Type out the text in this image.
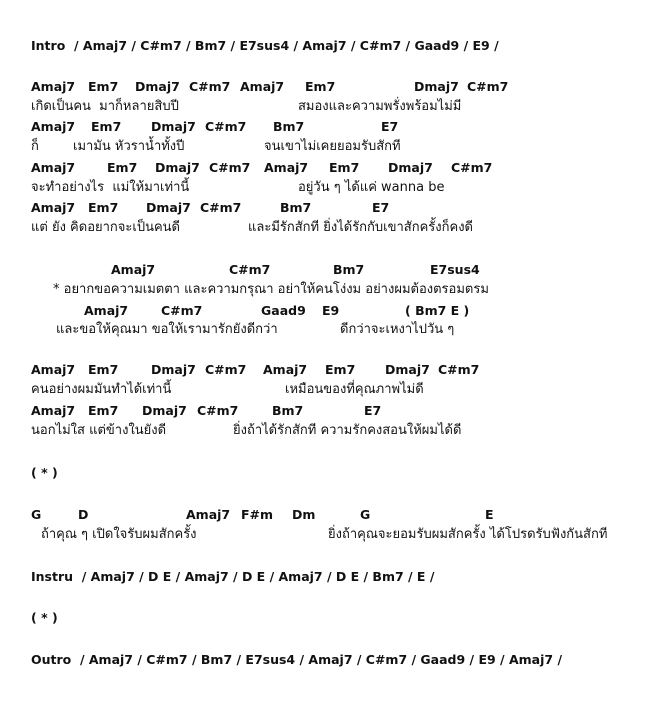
Intro  / Amaj7 / C#m7 / Bm7 / E7sus4 / Amaj7 / C#m7 / Gaad9 / E9 /

Amaj7

Em7

Dmaj7

C#m7

Amaj7

Em7

	Dmaj7

C#m7

เกิดเป็นคน  มาก็หลายสิบปี

	สมองและความพรั่งพร้อมไม่มี

Amaj7

Em7

Dmaj7

C#m7

Bm7

	E7

ก็

	เมามัน หัวราน้ำทั้งปี

	จนเขาไม่เคยยอมรับสักที

Amaj7

	Em7

Dmaj7

C#m7

Amaj7

Em7

Dmaj7

C#m7

จะทำอย่างไร  แม่ให้มาเท่านี้

	อยู่วัน ๆ ได้แค่ wanna be

Amaj7

Em7

Dmaj7

C#m7

	Bm7

	E7

แต่ ยัง คิดอยากจะเป็นคนดี

	และมีรักสักที ยิ่งได้รักกับเขาสักครั้งก็คงดี

Amaj7

	C#m7

	Bm7

	E7sus4

* อยากขอความเมตตา และความกรุณา อย่าให้คนโง่งม อย่างผมต้องตรอมตรม

Amaj7

	C#m7

	Gaad9

E9

	( Bm7 E )

และขอให้คุณมา ขอให้เรามารักยังดีกว่า

	ดีกว่าจะเหงาไปวัน ๆ

Amaj7

Em7

	Dmaj7

C#m7

Amaj7

Em7

Dmaj7

C#m7

คนอย่างผมมันทำได้เท่านี้

	เหมือนของที่คุณภาพไม่ดี

Amaj7

Em7

Dmaj7

C#m7

	Bm7

	E7

นอกไม่ใส แต่ข้างในยังดี

	ยิ่งถ้าได้รักสักที ความรักคงสอนให้ผมได้ดี

( * )

G

	D

	Amaj7

F#m

Dm

	G

	E

ถ้าคุณ ๆ เปิดใจรับผมสักครั้ง

	ยิ่งถ้าคุณจะยอมรับผมสักครั้ง ได้โปรดรับฟังกันสักที

Instru  / Amaj7 / D E / Amaj7 / D E / Amaj7 / D E / Bm7 / E /

( * )

Outro  / Amaj7 / C#m7 / Bm7 / E7sus4 / Amaj7 / C#m7 / Gaad9 / E9 / Amaj7 /
